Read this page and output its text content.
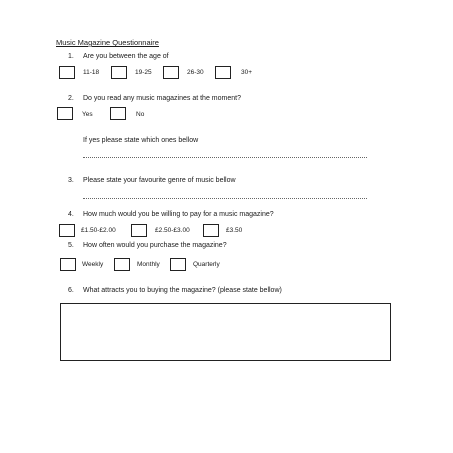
Music Magazine Questionnaire
1. Are you between the age of
11-18	19-25	26-30	30+
2. Do you read any music magazines at the moment?
Yes	No
If yes please state which ones bellow
3. Please state your favourite genre of music bellow
4. How much would you be willing to pay for a music magazine?
£1.50-£2.00	£2.50-£3.00	£3.50
5. How often would you purchase the magazine?
Weekly	Monthly	Quarterly
6. What attracts you to buying the magazine? (please state bellow)
